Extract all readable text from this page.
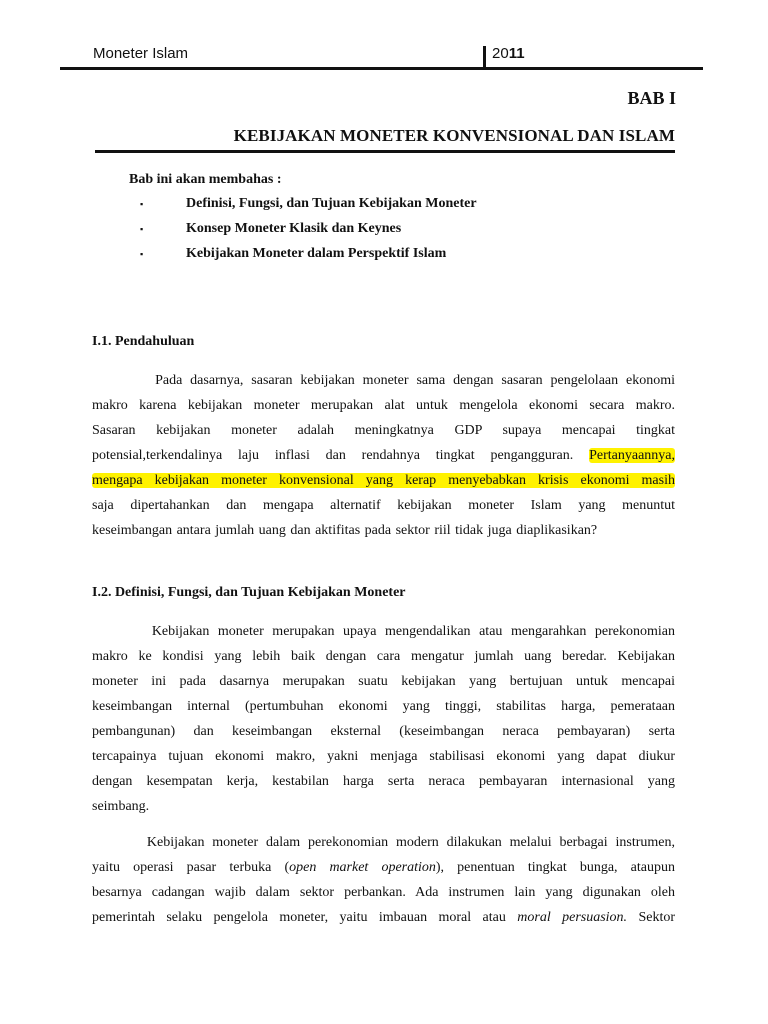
Moneter Islam	2011
BAB I
KEBIJAKAN MONETER KONVENSIONAL DAN ISLAM
Bab ini akan membahas :
▪	Definisi, Fungsi, dan Tujuan Kebijakan Moneter
▪	Konsep Moneter Klasik dan Keynes
▪	Kebijakan Moneter dalam Perspektif Islam
I.1. Pendahuluan
Pada dasarnya, sasaran kebijakan moneter sama dengan sasaran pengelolaan ekonomi
makro karena kebijakan moneter merupakan alat untuk mengelola ekonomi secara makro.
Sasaran kebijakan moneter adalah meningkatnya GDP supaya mencapai tingkat
potensial,terkendalinya laju inflasi dan rendahnya tingkat pengangguran. Pertanyaannya,
mengapa kebijakan moneter konvensional yang kerap menyebabkan krisis ekonomi masih
saja dipertahankan dan mengapa alternatif kebijakan moneter Islam yang menuntut
keseimbangan antara jumlah uang dan aktifitas pada sektor riil tidak juga diaplikasikan?
I.2. Definisi, Fungsi, dan Tujuan Kebijakan Moneter
Kebijakan moneter merupakan upaya mengendalikan atau mengarahkan perekonomian
makro ke kondisi yang lebih baik dengan cara mengatur jumlah uang beredar. Kebijakan
moneter ini pada dasarnya merupakan suatu kebijakan yang bertujuan untuk mencapai
keseimbangan internal (pertumbuhan ekonomi yang tinggi, stabilitas harga, pemerataan
pembangunan) dan keseimbangan eksternal (keseimbangan neraca pembayaran) serta
tercapainya tujuan ekonomi makro, yakni menjaga stabilisasi ekonomi yang dapat diukur
dengan kesempatan kerja, kestabilan harga serta neraca pembayaran internasional yang
seimbang.
Kebijakan moneter dalam perekonomian modern dilakukan melalui berbagai instrumen,
yaitu operasi pasar terbuka (open market operation), penentuan tingkat bunga, ataupun
besarnya cadangan wajib dalam sektor perbankan. Ada instrumen lain yang digunakan oleh
pemerintah selaku pengelola moneter, yaitu imbauan moral atau moral persuasion. Sektor
